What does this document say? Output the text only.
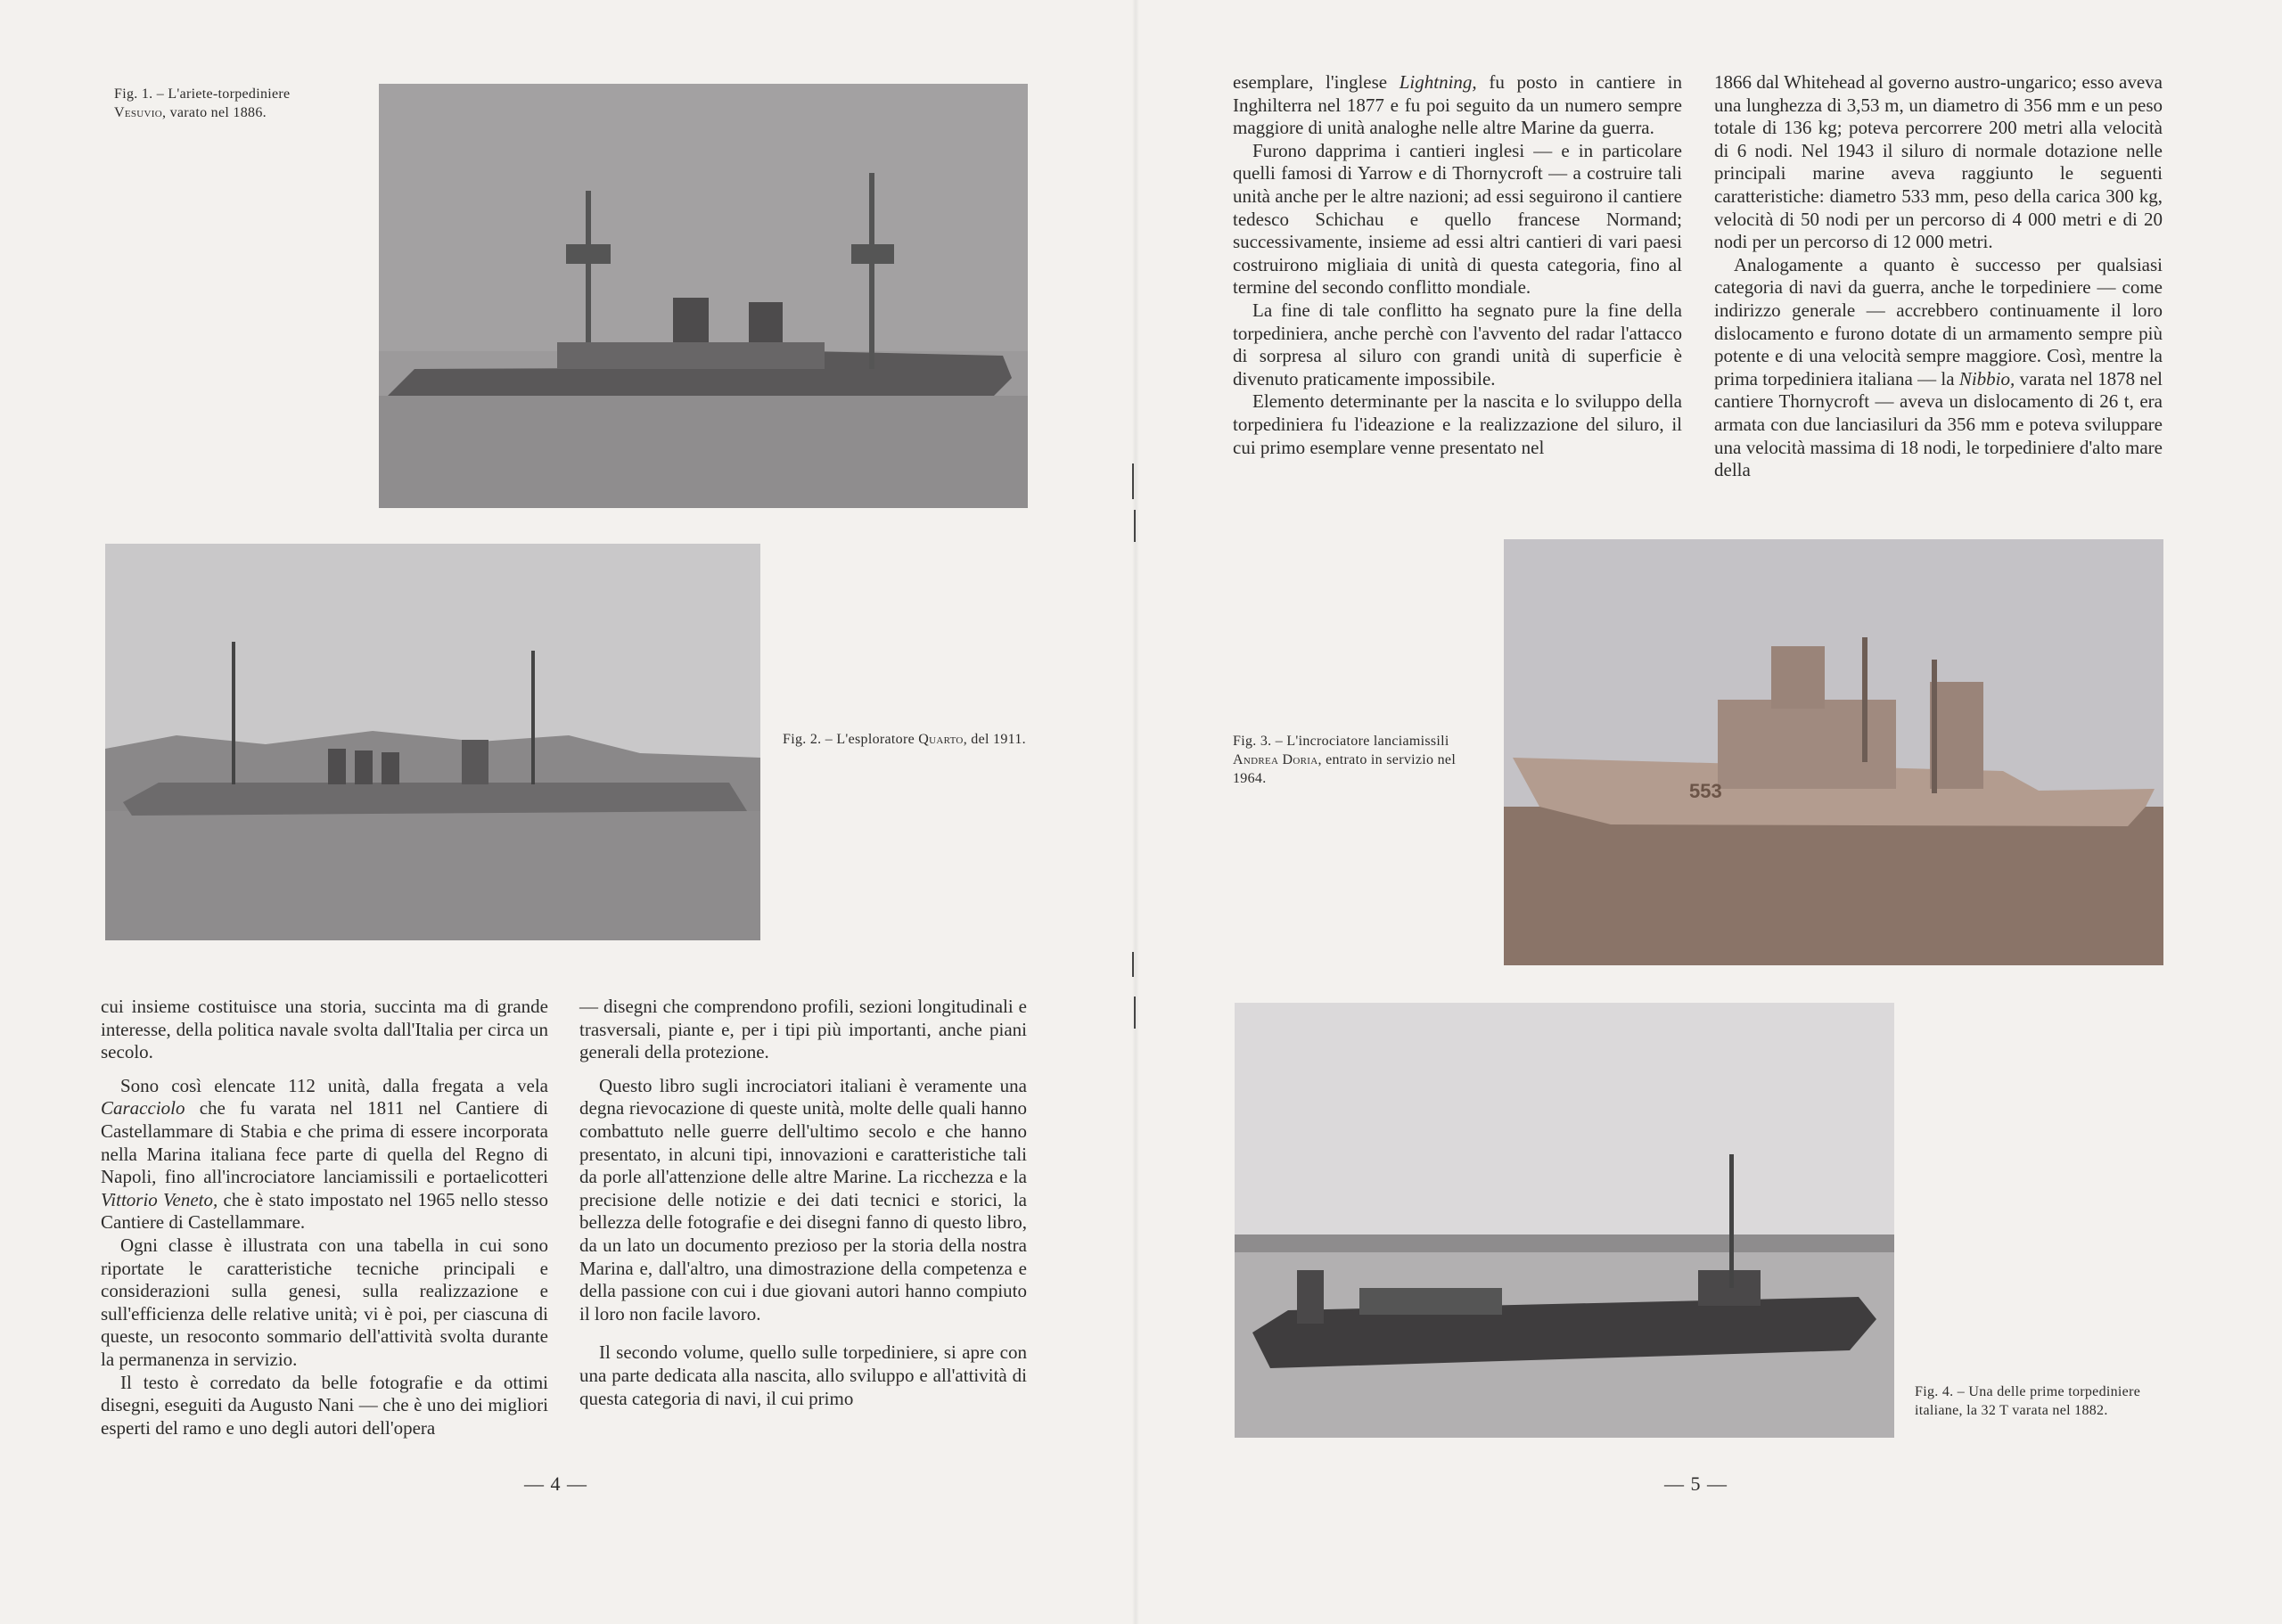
Fig. 1. – L'ariete-torpediniere Vesuvio, varato nel 1886.
Fig. 2. – L'esploratore Quarto, del 1911.

cui insieme costituisce una storia, succinta ma di grande interesse, della politica navale svolta dall'Italia per circa un secolo.

Sono così elencate 112 unità, dalla fregata a vela Caracciolo che fu varata nel 1811 nel Cantiere di Castellammare di Stabia e che prima di essere incorporata nella Marina italiana fece parte di quella del Regno di Napoli, fino all'incrociatore lanciamissili e portaelicotteri Vittorio Veneto, che è stato impostato nel 1965 nello stesso Cantiere di Castellammare.

Ogni classe è illustrata con una tabella in cui sono riportate le caratteristiche tecniche principali e considerazioni sulla genesi, sulla realizzazione e sull'efficienza delle relative unità; vi è poi, per ciascuna di queste, un resoconto sommario dell'attività svolta durante la permanenza in servizio.

Il testo è corredato da belle fotografie e da ottimi disegni, eseguiti da Augusto Nani — che è uno dei migliori esperti del ramo e uno degli autori dell'opera

— disegni che comprendono profili, sezioni longitudinali e trasversali, piante e, per i tipi più importanti, anche piani generali della protezione.

Questo libro sugli incrociatori italiani è veramente una degna rievocazione di queste unità, molte delle quali hanno combattuto nelle guerre dell'ultimo secolo e che hanno presentato, in alcuni tipi, innovazioni e caratteristiche tali da porle all'attenzione delle altre Marine. La ricchezza e la precisione delle notizie e dei dati tecnici e storici, la bellezza delle fotografie e dei disegni fanno di questo libro, da un lato un documento prezioso per la storia della nostra Marina e, dall'altro, una dimostrazione della competenza e della passione con cui i due giovani autori hanno compiuto il loro non facile lavoro.

Il secondo volume, quello sulle torpediniere, si apre con una parte dedicata alla nascita, allo sviluppo e all'attività di questa categoria di navi, il cui primo

— 4 —

esemplare, l'inglese Lightning, fu posto in cantiere in Inghilterra nel 1877 e fu poi seguito da un numero sempre maggiore di unità analoghe nelle altre Marine da guerra.

Furono dapprima i cantieri inglesi — e in particolare quelli famosi di Yarrow e di Thornycroft — a costruire tali unità anche per le altre nazioni; ad essi seguirono il cantiere tedesco Schichau e quello francese Normand; successivamente, insieme ad essi altri cantieri di vari paesi costruirono migliaia di unità di questa categoria, fino al termine del secondo conflitto mondiale.

La fine di tale conflitto ha segnato pure la fine della torpediniera, anche perchè con l'avvento del radar l'attacco di sorpresa al siluro con grandi unità di superficie è divenuto praticamente impossibile.

Elemento determinante per la nascita e lo sviluppo della torpediniera fu l'ideazione e la realizzazione del siluro, il cui primo esemplare venne presentato nel

1866 dal Whitehead al governo austro-ungarico; esso aveva una lunghezza di 3,53 m, un diametro di 356 mm e un peso totale di 136 kg; poteva percorrere 200 metri alla velocità di 6 nodi. Nel 1943 il siluro di normale dotazione nelle principali marine aveva raggiunto le seguenti caratteristiche: diametro 533 mm, peso della carica 300 kg, velocità di 50 nodi per un percorso di 4 000 metri e di 20 nodi per un percorso di 12 000 metri.

Analogamente a quanto è successo per qualsiasi categoria di navi da guerra, anche le torpediniere — come indirizzo generale — accrebbero continuamente il loro dislocamento e furono dotate di un armamento sempre più potente e di una velocità sempre maggiore. Così, mentre la prima torpediniera italiana — la Nibbio, varata nel 1878 nel cantiere Thornycroft — aveva un dislocamento di 26 t, era armata con due lanciasiluri da 356 mm e poteva sviluppare una velocità massima di 18 nodi, le torpediniere d'alto mare della

Fig. 3. – L'incrociatore lanciamissili Andrea Doria, entrato in servizio nel 1964.
553
Fig. 4. – Una delle prime torpediniere italiane, la 32 T varata nel 1882.
— 5 —
